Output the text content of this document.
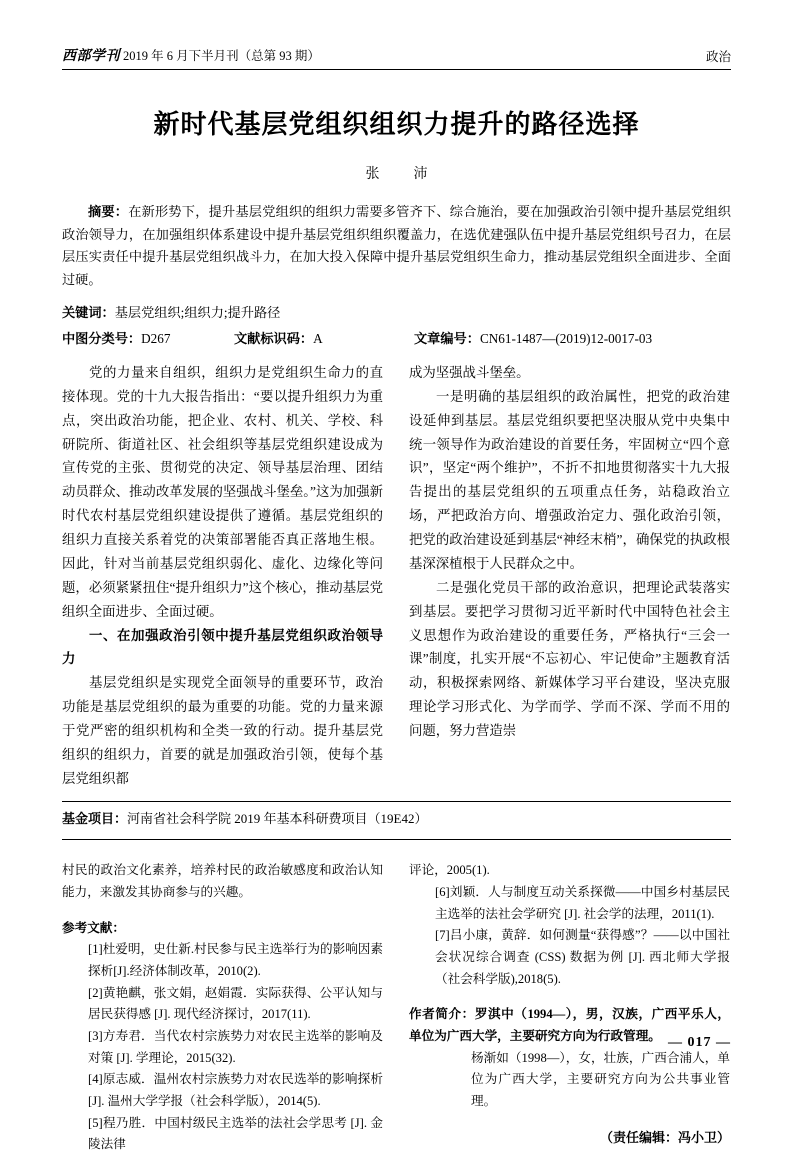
西部学刊 2019 年 6 月下半月刊（总第 93 期）	政治
新时代基层党组织组织力提升的路径选择
张　沛

摘要：在新形势下，提升基层党组织的组织力需要多管齐下、综合施治，要在加强政治引领中提升基层党组织政治领导力，在加强组织体系建设中提升基层党组织组织覆盖力，在选优建强队伍中提升基层党组织号召力，在层层压实责任中提升基层党组织战斗力，在加大投入保障中提升基层党组织生命力，推动基层党组织全面进步、全面过硬。

关键词：基层党组织;组织力;提升路径
中图分类号：D267	文献标识码：A	文章编号：CN61-1487—(2019)12-0017-03

党的力量来自组织，组织力是党组织生命力的直接体现。党的十九大报告指出：“要以提升组织力为重点，突出政治功能，把企业、农村、机关、学校、科研院所、街道社区、社会组织等基层党组织建设成为宣传党的主张、贯彻党的决定、领导基层治理、团结动员群众、推动改革发展的坚强战斗堡垒。”这为加强新时代农村基层党组织建设提供了遵循。基层党组织的组织力直接关系着党的决策部署能否真正落地生根。因此，针对当前基层党组织弱化、虚化、边缘化等问题，必须紧紧扭住“提升组织力”这个核心，推动基层党组织全面进步、全面过硬。

一、在加强政治引领中提升基层党组织政治领导力

基层党组织是实现党全面领导的重要环节，政治功能是基层党组织的最为重要的功能。党的力量来源于党严密的组织机构和全类一致的行动。提升基层党组织的组织力，首要的就是加强政治引领，使每个基层党组织都

成为坚强战斗堡垒。

一是明确的基层组织的政治属性，把党的政治建设延伸到基层。基层党组织要把坚决服从党中央集中统一领导作为政治建设的首要任务，牢固树立“四个意识”，坚定“两个维护”，不折不扣地贯彻落实十九大报告提出的基层党组织的五项重点任务，站稳政治立场，严把政治方向、增强政治定力、强化政治引领，把党的政治建设延到基层“神经末梢”，确保党的执政根基深深植根于人民群众之中。

二是强化党员干部的政治意识，把理论武装落实到基层。要把学习贯彻习近平新时代中国特色社会主义思想作为政治建设的重要任务，严格执行“三会一课”制度，扎实开展“不忘初心、牢记使命”主题教育活动，积极探索网络、新媒体学习平台建设，坚决克服理论学习形式化、为学而学、学而不深、学而不用的问题，努力营造崇

基金项目：河南省社会科学院 2019 年基本科研费项目（19E42）

村民的政治文化素养，培养村民的政治敏感度和政治认知能力，来激发其协商参与的兴趣。

参考文献：

[1]杜爱明，史仕新.村民参与民主选举行为的影响因素探析[J].经济体制改革，2010(2).

[2]黄艳麒，张文娟，赵娟霞．实际获得、公平认知与居民获得感 [J]. 现代经济探讨，2017(11).

[3]方寿君．当代农村宗族势力对农民主选举的影响及对策 [J]. 学理论，2015(32).

[4]原志威．温州农村宗族势力对农民选举的影响探析 [J]. 温州大学学报（社会科学版），2014(5).

[5]程乃胜．中国村级民主选举的法社会学思考 [J]. 金陵法律

评论，2005(1).

[6]刘颖．人与制度互动关系探微——中国乡村基层民主选举的法社会学研究 [J]. 社会学的法理，2011(1).

[7]吕小康，黄辞．如何测量“获得感”？——以中国社会状况综合调查 (CSS) 数据为例 [J]. 西北师大学报（社会科学版),2018(5).

作者简介：罗淇中（1994—），男，汉族，广西平乐人，单位为广西大学，主要研究方向为行政管理。

杨渐如（1998—），女，壮族，广西合浦人，单位为广西大学，主要研究方向为公共事业管理。

（责任编辑：冯小卫）
— 017 —
